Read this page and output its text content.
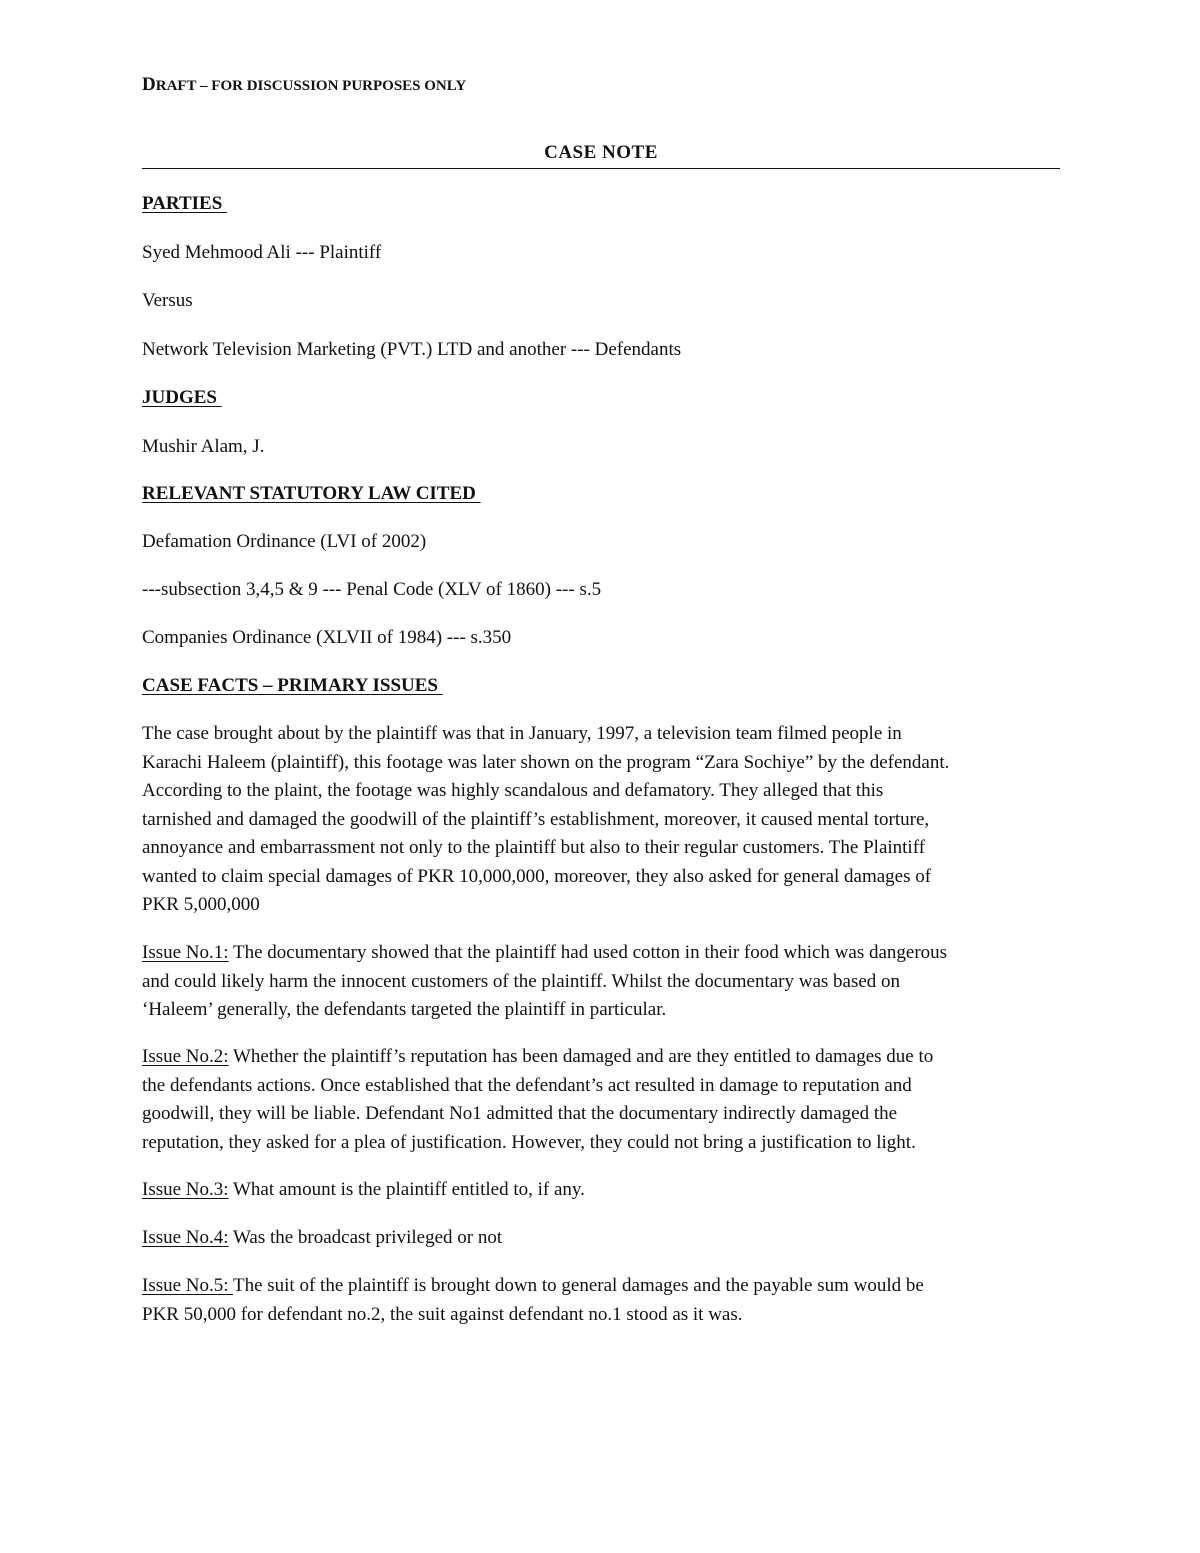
DRAFT – FOR DISCUSSION PURPOSES ONLY
CASE NOTE
PARTIES
Syed Mehmood Ali --- Plaintiff
Versus
Network Television Marketing (PVT.) LTD and another --- Defendants
JUDGES
Mushir Alam, J.
RELEVANT STATUTORY LAW CITED
Defamation Ordinance (LVI of 2002)
---subsection 3,4,5 & 9 --- Penal Code (XLV of 1860) --- s.5
Companies Ordinance (XLVII of 1984) --- s.350
CASE FACTS – PRIMARY ISSUES
The case brought about by the plaintiff was that in January, 1997, a television team filmed people in
Karachi Haleem (plaintiff), this footage was later shown on the program “Zara Sochiye” by the defendant.
According to the plaint, the footage was highly scandalous and defamatory. They alleged that this
tarnished and damaged the goodwill of the plaintiff’s establishment, moreover, it caused mental torture,
annoyance and embarrassment not only to the plaintiff but also to their regular customers. The Plaintiff
wanted to claim special damages of PKR 10,000,000, moreover, they also asked for general damages of
PKR 5,000,000
Issue No.1: The documentary showed that the plaintiff had used cotton in their food which was dangerous
and could likely harm the innocent customers of the plaintiff. Whilst the documentary was based on
‘Haleem’ generally, the defendants targeted the plaintiff in particular.
Issue No.2: Whether the plaintiff’s reputation has been damaged and are they entitled to damages due to
the defendants actions. Once established that the defendant’s act resulted in damage to reputation and
goodwill, they will be liable. Defendant No1 admitted that the documentary indirectly damaged the
reputation, they asked for a plea of justification. However, they could not bring a justification to light.
Issue No.3: What amount is the plaintiff entitled to, if any.
Issue No.4: Was the broadcast privileged or not
Issue No.5: The suit of the plaintiff is brought down to general damages and the payable sum would be
PKR 50,000 for defendant no.2, the suit against defendant no.1 stood as it was.
